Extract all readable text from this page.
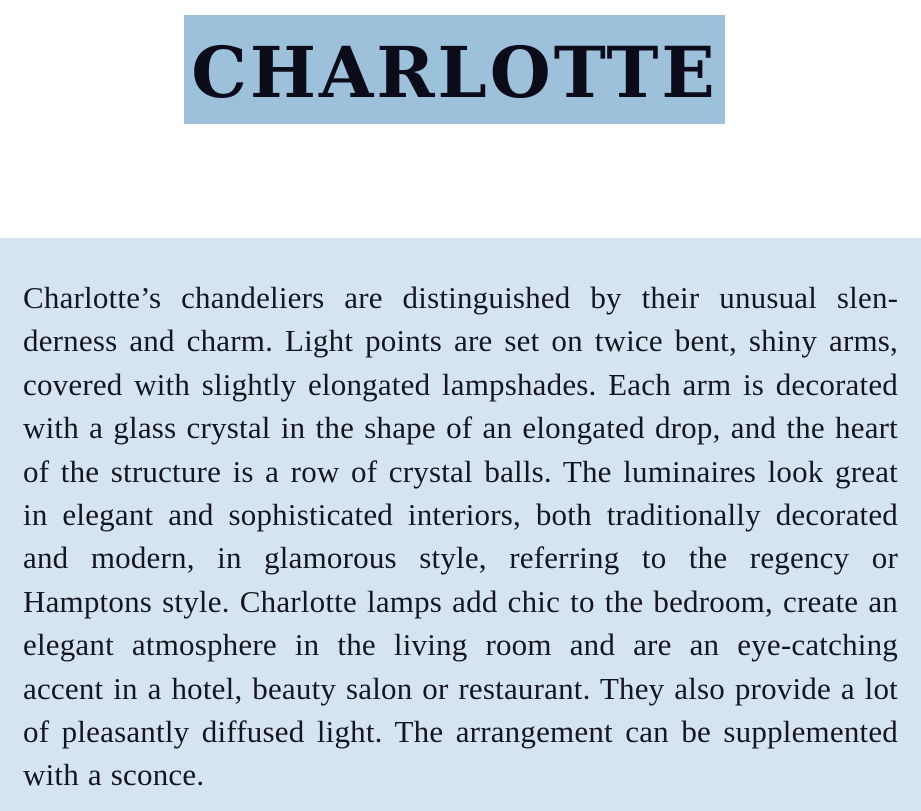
CHARLOTTE

Charlotte’s chandeliers are distinguished by their unusual slenderness and charm. Light points are set on twice bent, shiny arms, covered with slightly elongated lampshades. Each arm is decorated with a glass crystal in the shape of an elongated drop, and the heart of the structure is a row of crystal balls. The luminaires look great in elegant and sophisticated interiors, both traditionally decorated and modern, in glamorous style, referring to the regency or Hamptons style. Charlotte lamps add chic to the bedroom, create an elegant atmosphere in the living room and are an eye-catching accent in a hotel, beauty salon or restaurant. They also provide a lot of pleasantly diffused light. The arrangement can be supplemented with a sconce.
